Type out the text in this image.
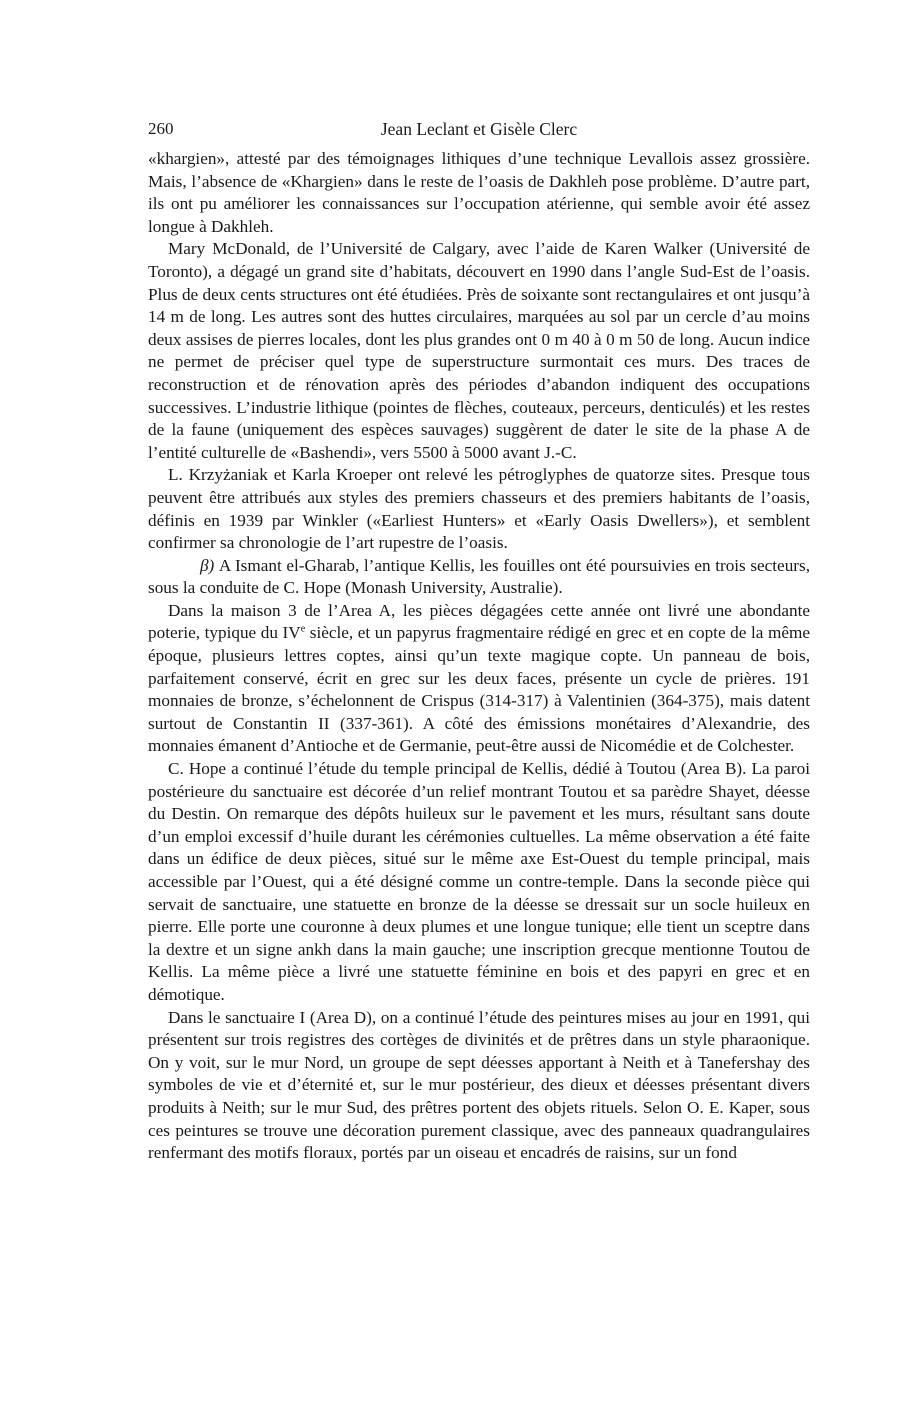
260	Jean Leclant et Gisèle Clerc

«khargien», attesté par des témoignages lithiques d’une technique Levallois assez grossière. Mais, l’absence de «Khargien» dans le reste de l’oasis de Dakhleh pose problème. D’autre part, ils ont pu améliorer les connaissances sur l’occupation atérienne, qui semble avoir été assez longue à Dakhleh.

Mary McDonald, de l’Université de Calgary, avec l’aide de Karen Walker (Université de Toronto), a dégagé un grand site d’habitats, découvert en 1990 dans l’angle Sud-Est de l’oasis. Plus de deux cents structures ont été étudiées. Près de soixante sont rectangulaires et ont jusqu’à 14 m de long. Les autres sont des huttes circulaires, marquées au sol par un cercle d’au moins deux assises de pierres locales, dont les plus grandes ont 0 m 40 à 0 m 50 de long. Aucun indice ne permet de préciser quel type de superstructure surmontait ces murs. Des traces de reconstruction et de rénovation après des périodes d’abandon indiquent des occupations successives. L’industrie lithique (pointes de flèches, couteaux, perceurs, denticulés) et les restes de la faune (uniquement des espèces sauvages) suggèrent de dater le site de la phase A de l’entité culturelle de «Bashendi», vers 5500 à 5000 avant J.-C.

L. Krzyżaniak et Karla Kroeper ont relevé les pétroglyphes de quatorze sites. Presque tous peuvent être attribués aux styles des premiers chasseurs et des premiers habitants de l’oasis, définis en 1939 par Winkler («Earliest Hunters» et «Early Oasis Dwellers»), et semblent confirmer sa chronologie de l’art rupestre de l’oasis.

β) A Ismant el-Gharab, l’antique Kellis, les fouilles ont été poursuivies en trois secteurs, sous la conduite de C. Hope (Monash University, Australie).

Dans la maison 3 de l’Area A, les pièces dégagées cette année ont livré une abondante poterie, typique du IVe siècle, et un papyrus fragmentaire rédigé en grec et en copte de la même époque, plusieurs lettres coptes, ainsi qu’un texte magique copte. Un panneau de bois, parfaitement conservé, écrit en grec sur les deux faces, présente un cycle de prières. 191 monnaies de bronze, s’échelonnent de Crispus (314-317) à Valentinien (364-375), mais datent surtout de Constantin II (337-361). A côté des émissions monétaires d’Alexandrie, des monnaies émanent d’Antioche et de Germanie, peut-être aussi de Nicomédie et de Colchester.

C. Hope a continué l’étude du temple principal de Kellis, dédié à Toutou (Area B). La paroi postérieure du sanctuaire est décorée d’un relief montrant Toutou et sa parèdre Shayet, déesse du Destin. On remarque des dépôts huileux sur le pavement et les murs, résultant sans doute d’un emploi excessif d’huile durant les cérémonies cultuelles. La même observation a été faite dans un édifice de deux pièces, situé sur le même axe Est-Ouest du temple principal, mais accessible par l’Ouest, qui a été désigné comme un contre-temple. Dans la seconde pièce qui servait de sanctuaire, une statuette en bronze de la déesse se dressait sur un socle huileux en pierre. Elle porte une couronne à deux plumes et une longue tunique; elle tient un sceptre dans la dextre et un signe ankh dans la main gauche; une inscription grecque mentionne Toutou de Kellis. La même pièce a livré une statuette féminine en bois et des papyri en grec et en démotique.

Dans le sanctuaire I (Area D), on a continué l’étude des peintures mises au jour en 1991, qui présentent sur trois registres des cortèges de divinités et de prêtres dans un style pharaonique. On y voit, sur le mur Nord, un groupe de sept déesses apportant à Neith et à Tanefershay des symboles de vie et d’éternité et, sur le mur postérieur, des dieux et déesses présentant divers produits à Neith; sur le mur Sud, des prêtres portent des objets rituels. Selon O. E. Kaper, sous ces peintures se trouve une décoration purement classique, avec des panneaux quadrangulaires renfermant des motifs floraux, portés par un oiseau et encadrés de raisins, sur un fond
